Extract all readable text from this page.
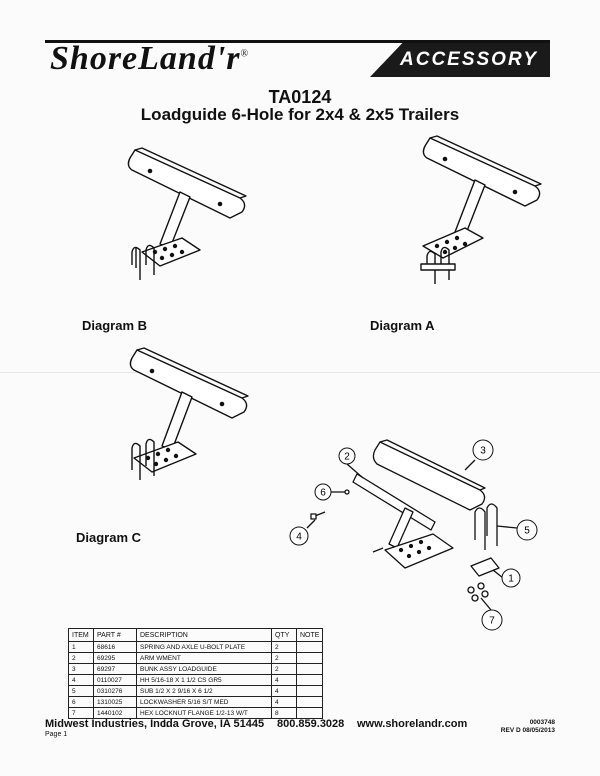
ShoreLand'r®	ACCESSORY
TA0124
Loadguide 6-Hole for 2x4 & 2x5 Trailers
Diagram B	Diagram A
Diagram C
2
3
6
4
5
1
7
ITEM	PART #	DESCRIPTION	QTY	NOTE
1	68616	SPRING AND AXLE U-BOLT PLATE	2	
2	69295	ARM WMENT	2	
3	69297	BUNK ASSY LOADGUIDE	2	
4	0110027	HH 5/16-18 X 1 1/2 CS GR5	4	
5	0310276	SUB 1/2 X 2 9/16 X 6 1/2	4	
6	1310025	LOCKWASHER 5/16 S/T MED	4	
7	1440102	HEX LOCKNUT FLANGE 1/2-13 W/T	8	
Midwest Industries, Inc.
Page 1
Ida Grove, IA 51445 800.859.3028 www.shorelandr.com	0003748
REV D 08/05/2013
